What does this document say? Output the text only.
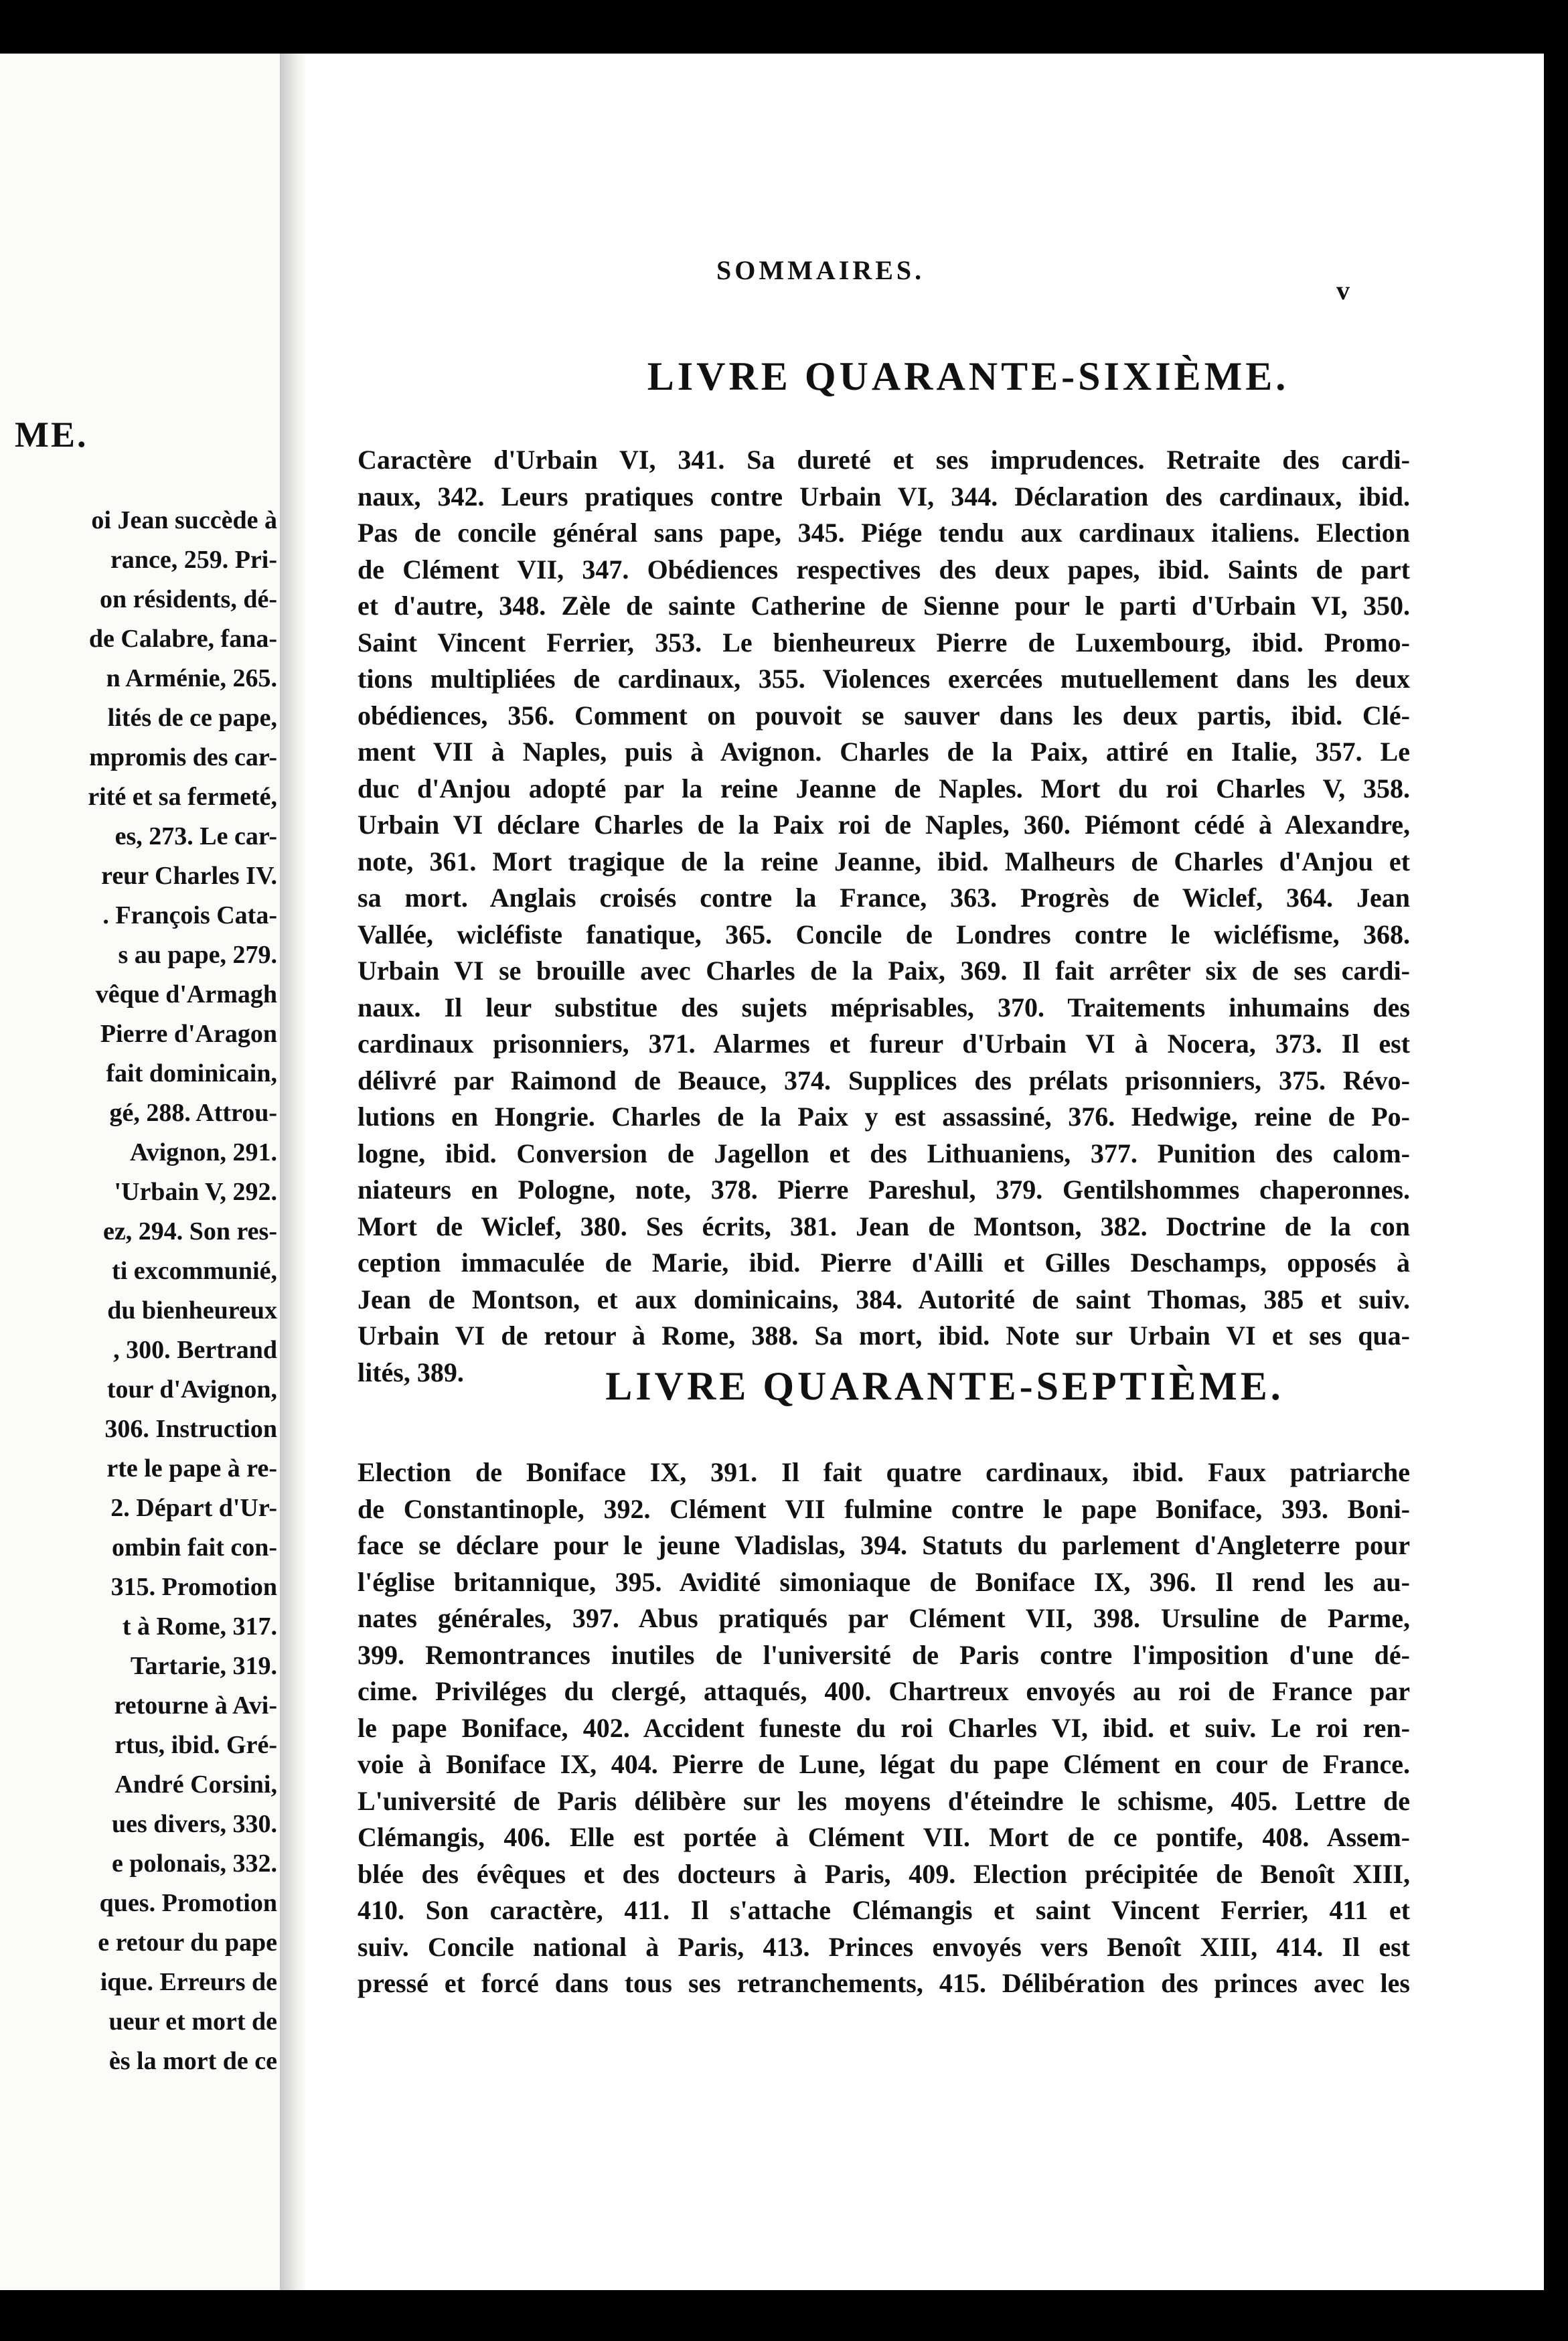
ME.
oi Jean succède à
rance, 259. Pri-
on résidents, dé-
de Calabre, fana-
n Arménie, 265.
lités de ce pape,
mpromis des car-
rité et sa fermeté,
es, 273. Le car-
reur Charles IV.
. François Cata-
s au pape, 279.
vêque d'Armagh
Pierre d'Aragon
fait dominicain,
gé, 288. Attrou-
Avignon, 291.
'Urbain V, 292.
ez, 294. Son res-
ti excommunié,
du bienheureux
, 300. Bertrand
tour d'Avignon,
306. Instruction
rte le pape à re-
2. Départ d'Ur-
ombin fait con-
315. Promotion
t à Rome, 317.
Tartarie, 319.
retourne à Avi-
rtus, ibid. Gré-
André Corsini,
ues divers, 330.
e polonais, 332.
ques. Promotion
e retour du pape
ique. Erreurs de
ueur et mort de
ès la mort de ce
SOMMAIRES.
v
LIVRE QUARANTE-SIXIÈME.
Caractère d'Urbain VI, 341. Sa dureté et ses imprudences. Retraite des cardi-
naux, 342. Leurs pratiques contre Urbain VI, 344. Déclaration des cardinaux, ibid.
Pas de concile général sans pape, 345. Piége tendu aux cardinaux italiens. Election
de Clément VII, 347. Obédiences respectives des deux papes, ibid. Saints de part
et d'autre, 348. Zèle de sainte Catherine de Sienne pour le parti d'Urbain VI, 350.
Saint Vincent Ferrier, 353. Le bienheureux Pierre de Luxembourg, ibid. Promo-
tions multipliées de cardinaux, 355. Violences exercées mutuellement dans les deux
obédiences, 356. Comment on pouvoit se sauver dans les deux partis, ibid. Clé-
ment VII à Naples, puis à Avignon. Charles de la Paix, attiré en Italie, 357. Le
duc d'Anjou adopté par la reine Jeanne de Naples. Mort du roi Charles V, 358.
Urbain VI déclare Charles de la Paix roi de Naples, 360. Piémont cédé à Alexandre,
note, 361. Mort tragique de la reine Jeanne, ibid. Malheurs de Charles d'Anjou et
sa mort. Anglais croisés contre la France, 363. Progrès de Wiclef, 364. Jean
Vallée, wicléfiste fanatique, 365. Concile de Londres contre le wicléfisme, 368.
Urbain VI se brouille avec Charles de la Paix, 369. Il fait arrêter six de ses cardi-
naux. Il leur substitue des sujets méprisables, 370. Traitements inhumains des
cardinaux prisonniers, 371. Alarmes et fureur d'Urbain VI à Nocera, 373. Il est
délivré par Raimond de Beauce, 374. Supplices des prélats prisonniers, 375. Révo-
lutions en Hongrie. Charles de la Paix y est assassiné, 376. Hedwige, reine de Po-
logne, ibid. Conversion de Jagellon et des Lithuaniens, 377. Punition des calom-
niateurs en Pologne, note, 378. Pierre Pareshul, 379. Gentilshommes chaperonnes.
Mort de Wiclef, 380. Ses écrits, 381. Jean de Montson, 382. Doctrine de la con
ception immaculée de Marie, ibid. Pierre d'Ailli et Gilles Deschamps, opposés à
Jean de Montson, et aux dominicains, 384. Autorité de saint Thomas, 385 et suiv.
Urbain VI de retour à Rome, 388. Sa mort, ibid. Note sur Urbain VI et ses qua-
lités, 389.	LIVRE QUARANTE-SEPTIÈME.
Election de Boniface IX, 391. Il fait quatre cardinaux, ibid. Faux patriarche
de Constantinople, 392. Clément VII fulmine contre le pape Boniface, 393. Boni-
face se déclare pour le jeune Vladislas, 394. Statuts du parlement d'Angleterre pour
l'église britannique, 395. Avidité simoniaque de Boniface IX, 396. Il rend les au-
nates générales, 397. Abus pratiqués par Clément VII, 398. Ursuline de Parme,
399. Remontrances inutiles de l'université de Paris contre l'imposition d'une dé-
cime. Priviléges du clergé, attaqués, 400. Chartreux envoyés au roi de France par
le pape Boniface, 402. Accident funeste du roi Charles VI, ibid. et suiv. Le roi ren-
voie à Boniface IX, 404. Pierre de Lune, légat du pape Clément en cour de France.
L'université de Paris délibère sur les moyens d'éteindre le schisme, 405. Lettre de
Clémangis, 406. Elle est portée à Clément VII. Mort de ce pontife, 408. Assem-
blée des évêques et des docteurs à Paris, 409. Election précipitée de Benoît XIII,
410. Son caractère, 411. Il s'attache Clémangis et saint Vincent Ferrier, 411 et
suiv. Concile national à Paris, 413. Princes envoyés vers Benoît XIII, 414. Il est
pressé et forcé dans tous ses retranchements, 415. Délibération des princes avec les
